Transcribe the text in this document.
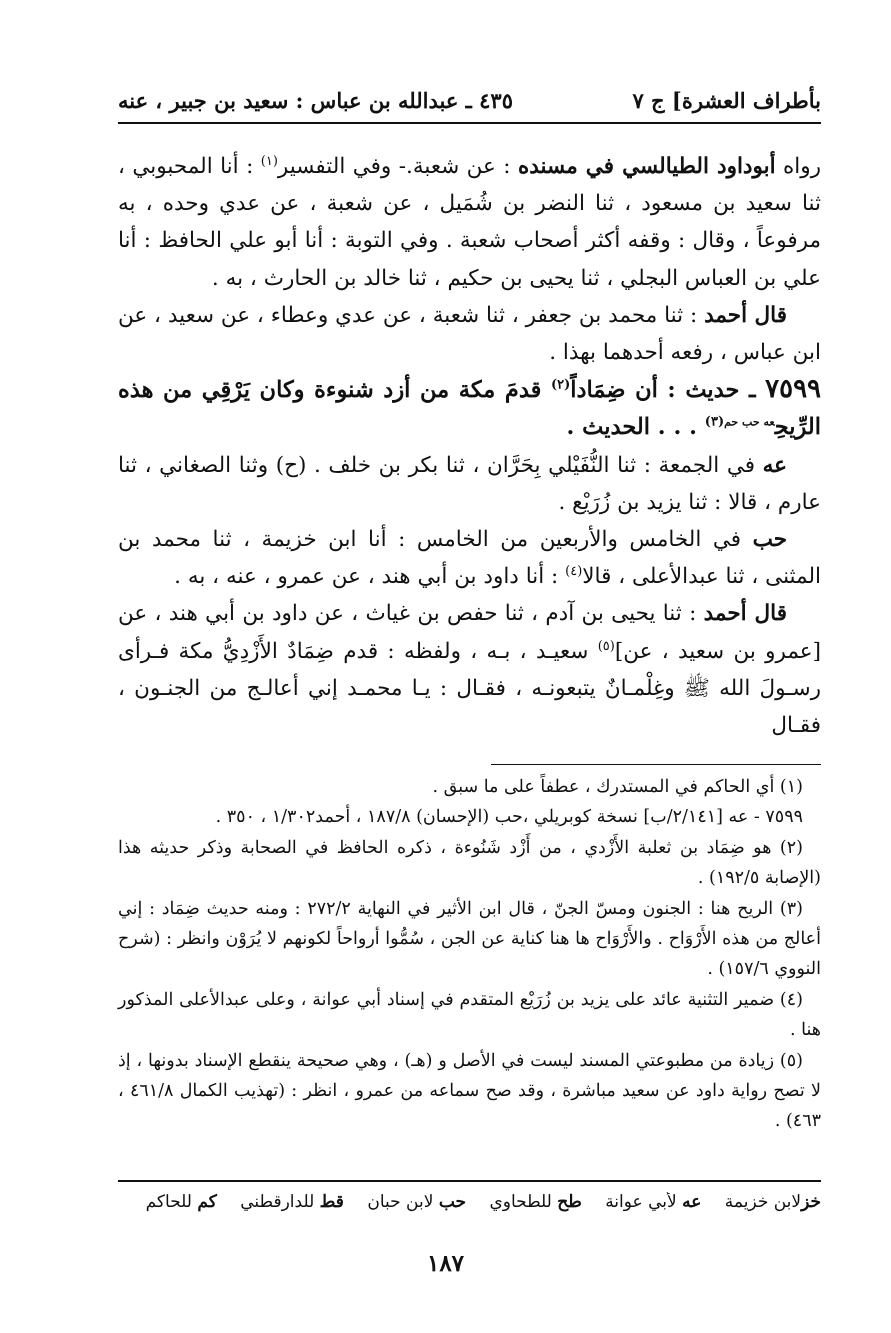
بأطراف العشرة] ج ٧
٤٣٥ ـ عبدالله بن عباس : سعيد بن جبير ، عنه

رواه أبوداود الطيالسي في مسنده : عن شعبة.- وفي التفسير$^{(١)}$ : أنا المحبوبي ، ثنا سعيد بن مسعود ، ثنا النضر بن شُمَيل ، عن شعبة ، عن عدي وحده ، به مرفوعاً ، وقال : وقفه أكثر أصحاب شعبة . وفي التوبة : أنا أبو علي الحافظ : أنا علي بن العباس البجلي ، ثنا يحيى بن حكيم ، ثنا خالد بن الحارث ، به .

قال أحمد : ثنا محمد بن جعفر ، ثنا شعبة ، عن عدي وعطاء ، عن سعيد ، عن ابن عباس ، رفعه أحدهما بهذا .

٧٥٩٩ ـ حديث : أن ضِمَاداً$^{(٢)}$ قدمَ مكة من أزد شنوءة وكان يَرْقِي من هذه الرِّيحِ$^{عه حب حم(٣)}$ . . . الحديث .

عه في الجمعة : ثنا النُّفَيْلي بِحَرَّان ، ثنا بكر بن خلف . (ح) وثنا الصغاني ، ثنا عارم ، قالا : ثنا يزيد بن زُرَيْع .

حب في الخامس والأربعين من الخامس : أنا ابن خزيمة ، ثنا محمد بن المثنى ، ثنا عبدالأعلى ، قالا$^{(٤)}$ : أنا داود بن أبي هند ، عن عمرو ، عنه ، به .

قال أحمد : ثنا يحيى بن آدم ، ثنا حفص بن غياث ، عن داود بن أبي هند ، عن [عمرو بن سعيد ، عن]$^{(٥)}$ سعيـد ، بـه ، ولفظه : قدم ضِمَادٌ الأَزْدِيُّ مكة فـرأى رسـولَ الله ﷺ وغِلْمـانٌ يتبعونـه ، فقـال : يـا محمـد إني أعالـج من الجنـون ، فقـال

(١) أي الحاكم في المستدرك ، عطفاً على ما سبق .

٧٥٩٩ - عه [٢/١٤١/ب] نسخة كوبريلي ،حب (الإحسان) ١٨٧/٨ ، أحمد١/٣٠٢ ، ٣٥٠ .

(٢) هو ضِمَاد بن ثعلبة الأَزْدي ، من أَزْد شَنُوءة ، ذكره الحافظ في الصحابة وذكر حديثه هذا (الإصابة ١٩٢/٥) .

(٣) الريح هنا : الجنون ومسّ الجنّ ، قال ابن الأثير في النهاية ٢٧٢/٢ : ومنه حديث ضِمَاد : إني أعالج من هذه الأَرْوَاح . والأَرْوَاح ها هنا كناية عن الجن ، سُمُّوا أرواحاً لكونهم لا يُرَوْن وانظر : (شرح النووي ١٥٧/٦) .

(٤) ضمير التثنية عائد على يزيد بن زُرَيْع المتقدم في إسناد أبي عوانة ، وعلى عبدالأعلى المذكور هنا .

(٥) زيادة من مطبوعتي المسند ليست في الأصل و (هـ) ، وهي صحيحة ينقطع الإسناد بدونها ، إذ لا تصح رواية داود عن سعيد مباشرة ، وقد صح سماعه من عمرو ، انظر : (تهذيب الكمال ٤٦١/٨ ، ٤٦٣) .

خزلابن خزيمة عه لأبي عوانة طح للطحاوي حب لابن حبان قط للدارقطني كم للحاكم
١٨٧
